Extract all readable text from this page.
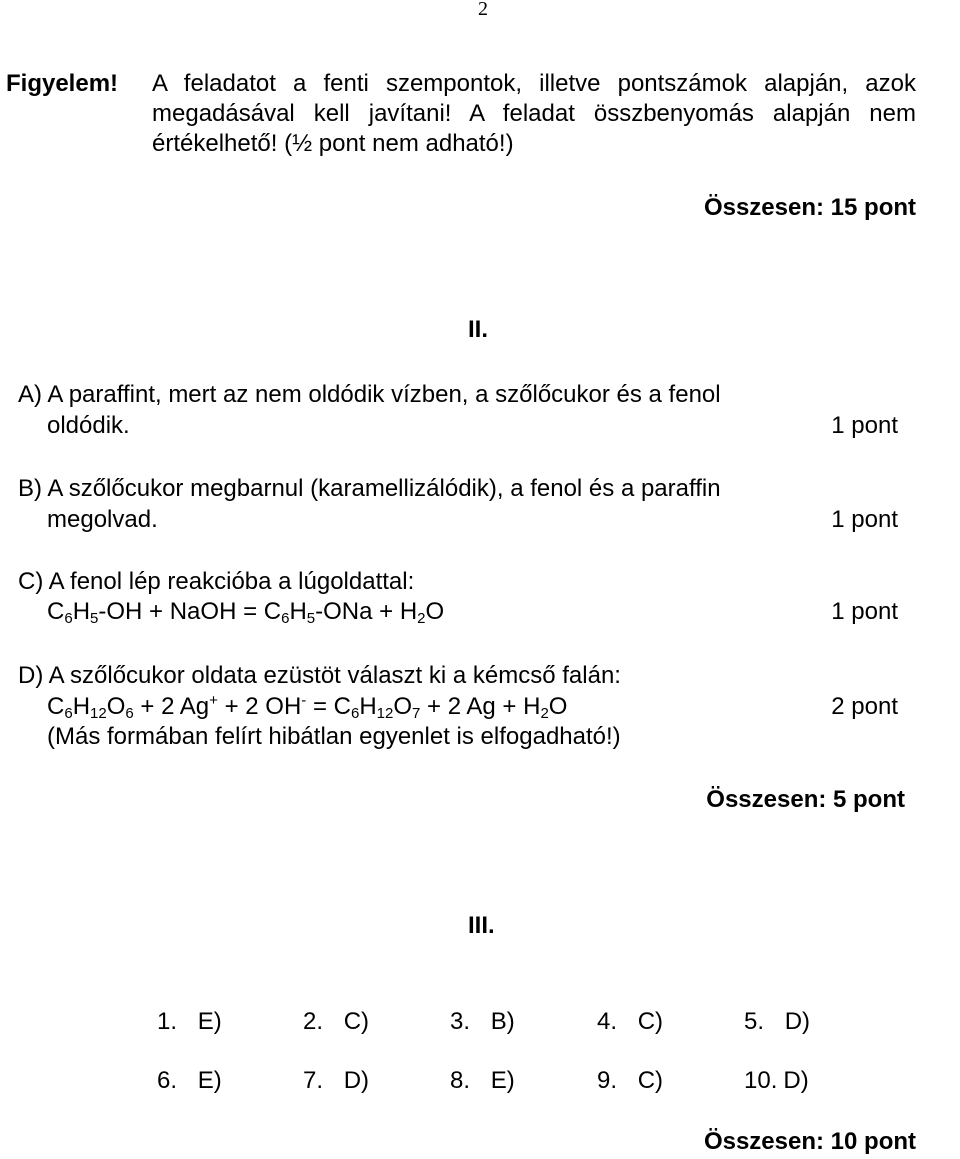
2
Figyelem! A feladatot a fenti szempontok, illetve pontszámok alapján, azok
megadásával kell javítani! A feladat összbenyomás alapján nem
értékelhető! (½ pont nem adható!)
Összesen: 15 pont
II.
A) A paraffint, mert az nem oldódik vízben, a szőlőcukor és a fenol
oldódik.	1 pont
B) A szőlőcukor megbarnul (karamellizálódik), a fenol és a paraffin
megolvad.	1 pont
C) A fenol lép reakcióba a lúgoldattal:
$C_6H_5-OH$ + NaOH = $C_6H_5$-ONa + $H_2O$	1 pont
D) A szőlőcukor oldata ezüstöt választ ki a kémcső falán:
$C_6H_{12}O_6 + 2$ Ag+ + 2 $OH^- = C_6H_{12}O_7 + 2$ $Ag + H_2O$	2 pont
(Más formában felírt hibátlan egyenlet is elfogadható!)
Összesen: 5 pont
III.
1. E)	2. C)	3. B)	4. C)	5. D)
6. E)	7. D)	8. E)	9. C)	10. D)
Összesen: 10 pont
